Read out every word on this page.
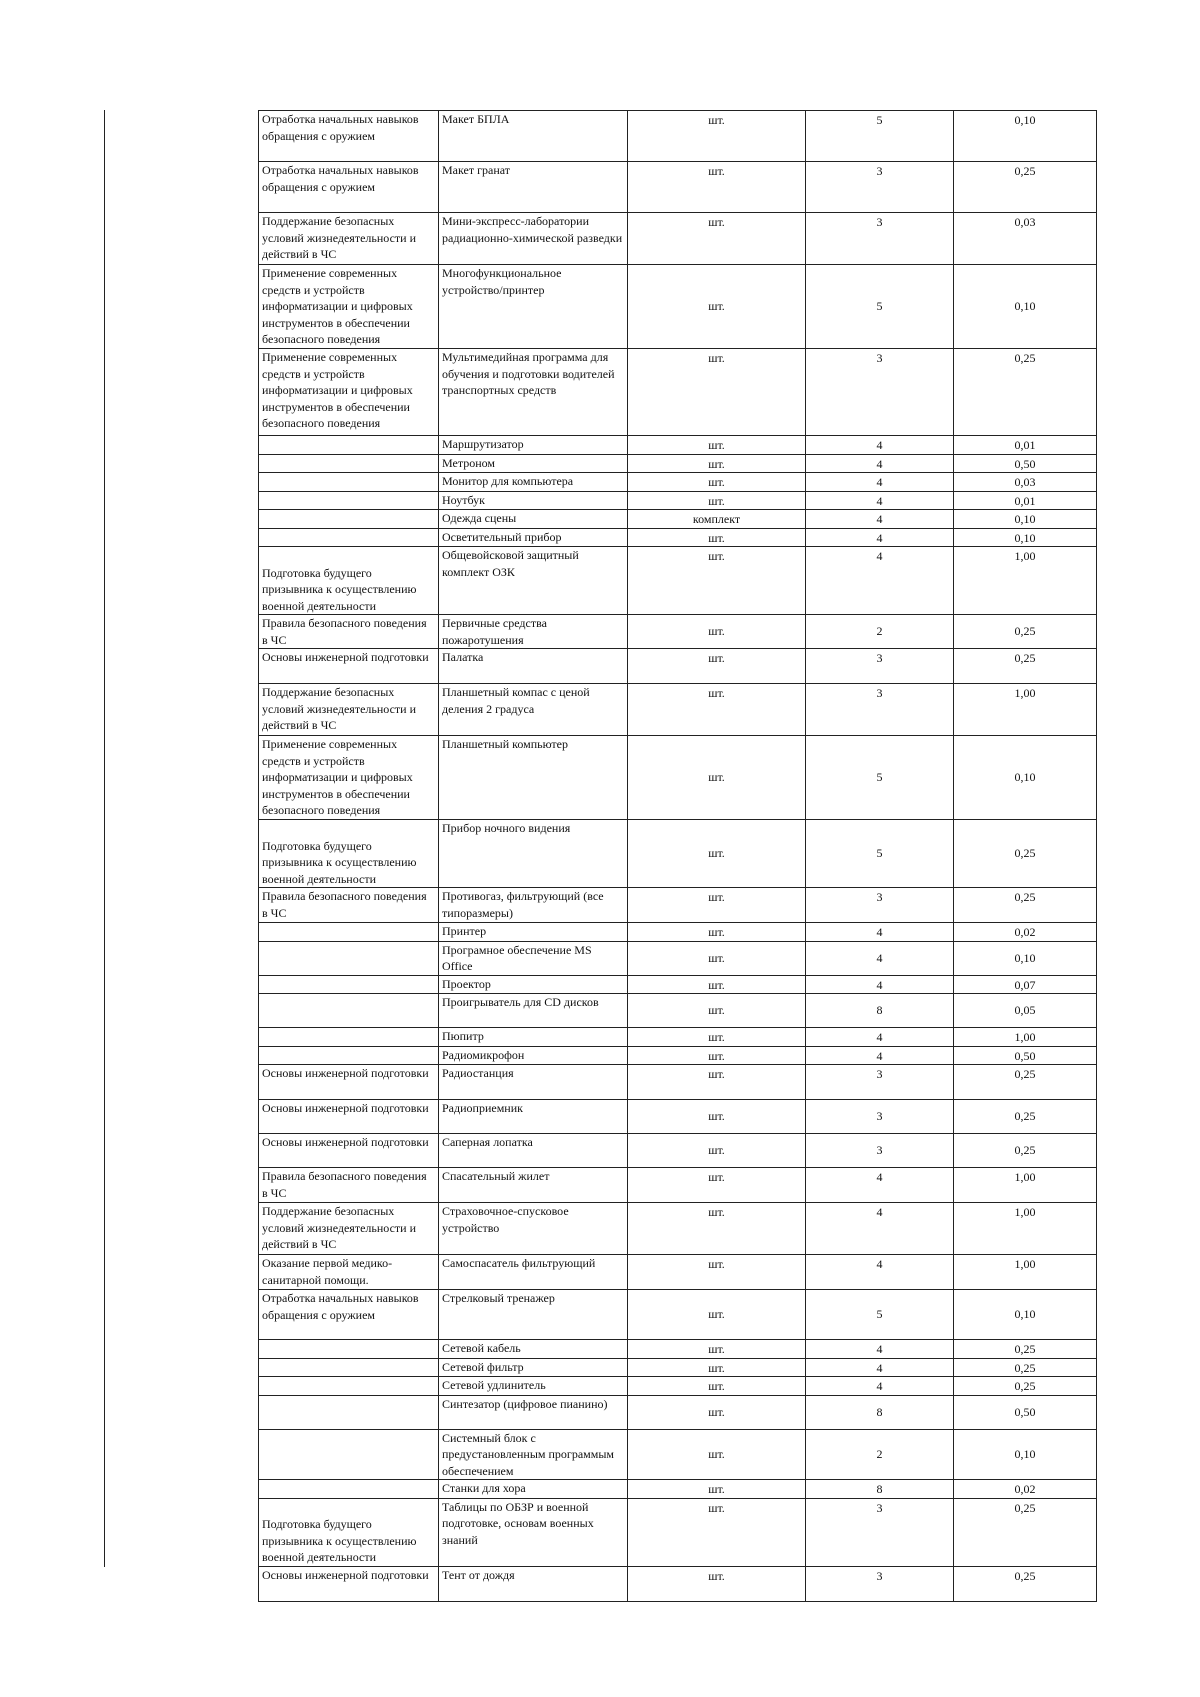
Отработка начальных навыков обращения с оружием	Макет БПЛА	шт.	5	0,10
Отработка начальных навыков обращения с оружием	Макет гранат	шт.	3	0,25
Поддержание безопасных условий жизнедеятельности и действий в ЧС	Мини-экспресс-лаборатории радиационно-химической разведки	шт.	3	0,03
Применение современных средств и устройств информатизации и цифровых инструментов в обеспечении безопасного поведения	Многофункциональное устройство/принтер	шт.	5	0,10
Применение современных средств и устройств информатизации и цифровых инструментов в обеспечении безопасного поведения	Мультимедийная программа для обучения и подготовки водителей транспортных средств	шт.	3	0,25
	Маршрутизатор	шт.	4	0,01
	Метроном	шт.	4	0,50
	Монитор для компьютера	шт.	4	0,03
	Ноутбук	шт.	4	0,01
	Одежда сцены	комплект	4	0,10
	Осветительный прибор	шт.	4	0,10
Подготовка будущего призывника к осуществлению военной деятельности	Общевойсковой защитный комплект ОЗК	шт.	4	1,00
Правила безопасного поведения в ЧС	Первичные средства пожаротушения	шт.	2	0,25
Основы инженерной подготовки	Палатка	шт.	3	0,25
Поддержание безопасных условий жизнедеятельности и действий в ЧС	Планшетный компас с ценой деления 2 градуса	шт.	3	1,00
Применение современных средств и устройств информатизации и цифровых инструментов в обеспечении безопасного поведения	Планшетный компьютер	шт.	5	0,10
Подготовка будущего призывника к осуществлению военной деятельности	Прибор ночного видения	шт.	5	0,25
Правила безопасного поведения в ЧС	Противогаз, фильтрующий (все типоразмеры)	шт.	3	0,25
	Принтер	шт.	4	0,02
	Програмное обеспечение MS Office	шт.	4	0,10
	Проектор	шт.	4	0,07
	Проигрыватель для CD дисков	шт.	8	0,05
	Пюпитр	шт.	4	1,00
	Радиомикрофон	шт.	4	0,50
Основы инженерной подготовки	Радиостанция	шт.	3	0,25
Основы инженерной подготовки	Радиоприемник	шт.	3	0,25
Основы инженерной подготовки	Саперная лопатка	шт.	3	0,25
Правила безопасного поведения в ЧС	Спасательный жилет	шт.	4	1,00
Поддержание безопасных условий жизнедеятельности и действий в ЧС	Страховочное-спусковое устройство	шт.	4	1,00
Оказание первой медико-санитарной помощи.	Самоспасатель фильтрующий	шт.	4	1,00
Отработка начальных навыков обращения с оружием	Стрелковый тренажер	шт.	5	0,10
	Сетевой кабель	шт.	4	0,25
	Сетевой фильтр	шт.	4	0,25
	Сетевой удлинитель	шт.	4	0,25
	Синтезатор (цифровое пианино)	шт.	8	0,50
	Системный блок с предустановленным программым обеспечением	шт.	2	0,10
	Станки для хора	шт.	8	0,02
Подготовка будущего призывника к осуществлению военной деятельности	Таблицы по ОБЗР и военной подготовке, основам военных знаний	шт.	3	0,25
Основы инженерной подготовки	Тент от дождя	шт.	3	0,25
